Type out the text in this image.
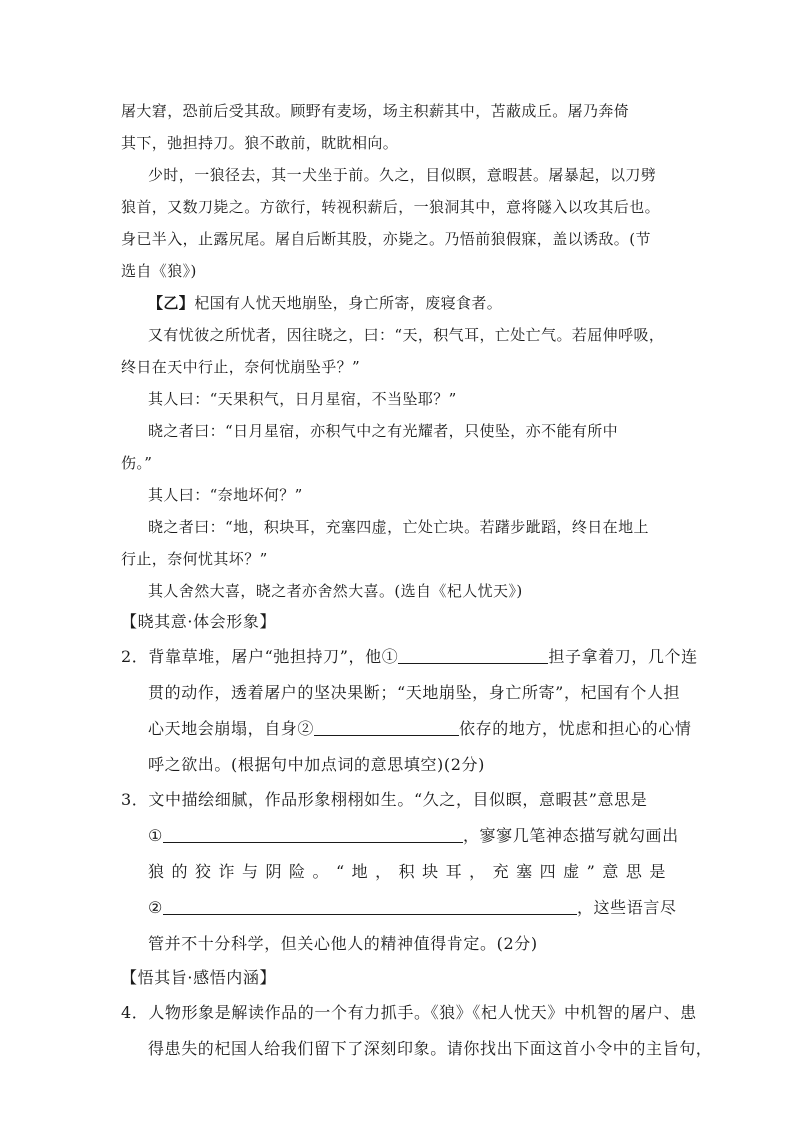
屠大窘，恐前后受其敌。顾野有麦场，场主积薪其中，苫蔽成丘。屠乃奔倚
其下，弛担持刀。狼不敢前，眈眈相向。
少时，一狼径去，其一犬坐于前。久之，目似瞑，意暇甚。屠暴起，以刀劈
狼首，又数刀毙之。方欲行，转视积薪后，一狼洞其中，意将隧入以攻其后也。
身已半入，止露尻尾。屠自后断其股，亦毙之。乃悟前狼假寐，盖以诱敌。(节
选自《狼》)
【乙】杞国有人忧天地崩坠，身亡所寄，废寝食者。
又有忧彼之所忧者，因往晓之，曰：“天，积气耳，亡处亡气。若屈伸呼吸，
终日在天中行止，奈何忧崩坠乎？”
其人曰：“天果积气，日月星宿，不当坠耶？”
晓之者曰：“日月星宿，亦积气中之有光耀者，只使坠，亦不能有所中
伤。”
其人曰：“奈地坏何？”
晓之者曰：“地，积块耳，充塞四虚，亡处亡块。若躇步跐蹈，终日在地上
行止，奈何忧其坏？”
其人舍然大喜，晓之者亦舍然大喜。(选自《杞人忧天》)
【晓其意·体会形象】
2．背靠草堆，屠户“弛担持刀”，他①	担子拿着刀，几个连
贯的动作，透着屠户的坚决果断；“天地崩坠，身亡所寄”，杞国有个人担
心天地会崩塌，自身②	依存的地方，忧虑和担心的心情
呼之欲出。(根据句中加点词的意思填空)(2分)
3．文中描绘细腻，作品形象栩栩如生。“久之，目似瞑，意暇甚”意思是
①	，寥寥几笔神态描写就勾画出
狼的狡诈与阴险。“地，积块耳，充塞四虚”意思是
②	，这些语言尽
管并不十分科学，但关心他人的精神值得肯定。(2分)
【悟其旨·感悟内涵】
4．人物形象是解读作品的一个有力抓手。《狼》《杞人忧天》中机智的屠户、患
得患失的杞国人给我们留下了深刻印象。请你找出下面这首小令中的主旨句，
